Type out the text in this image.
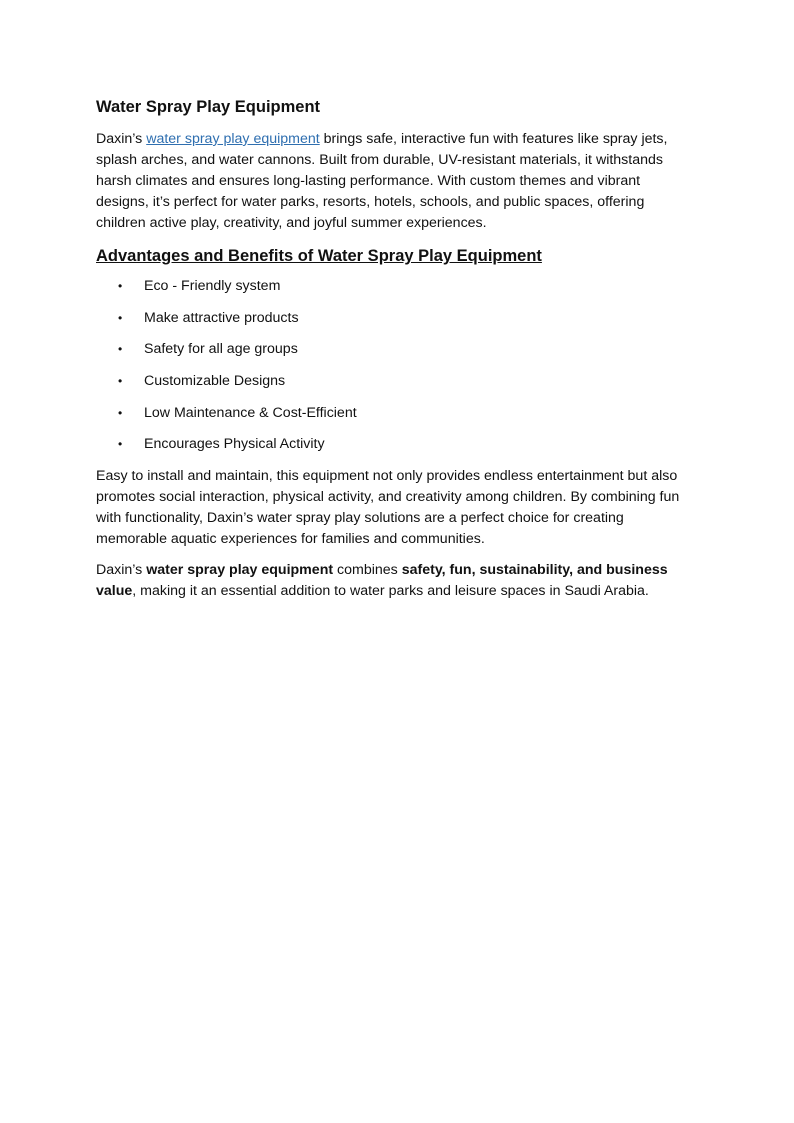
Water Spray Play Equipment

Daxin’s water spray play equipment brings safe, interactive fun with features like spray jets, splash arches, and water cannons. Built from durable, UV-resistant materials, it withstands harsh climates and ensures long-lasting performance. With custom themes and vibrant designs, it’s perfect for water parks, resorts, hotels, schools, and public spaces, offering children active play, creativity, and joyful summer experiences.

Advantages and Benefits of Water Spray Play Equipment
• Eco - Friendly system
• Make attractive products
• Safety for all age groups
• Customizable Designs
• Low Maintenance & Cost-Efficient
• Encourages Physical Activity

Easy to install and maintain, this equipment not only provides endless entertainment but also promotes social interaction, physical activity, and creativity among children. By combining fun with functionality, Daxin’s water spray play solutions are a perfect choice for creating memorable aquatic experiences for families and communities.

Daxin’s water spray play equipment combines safety, fun, sustainability, and business value, making it an essential addition to water parks and leisure spaces in Saudi Arabia.
